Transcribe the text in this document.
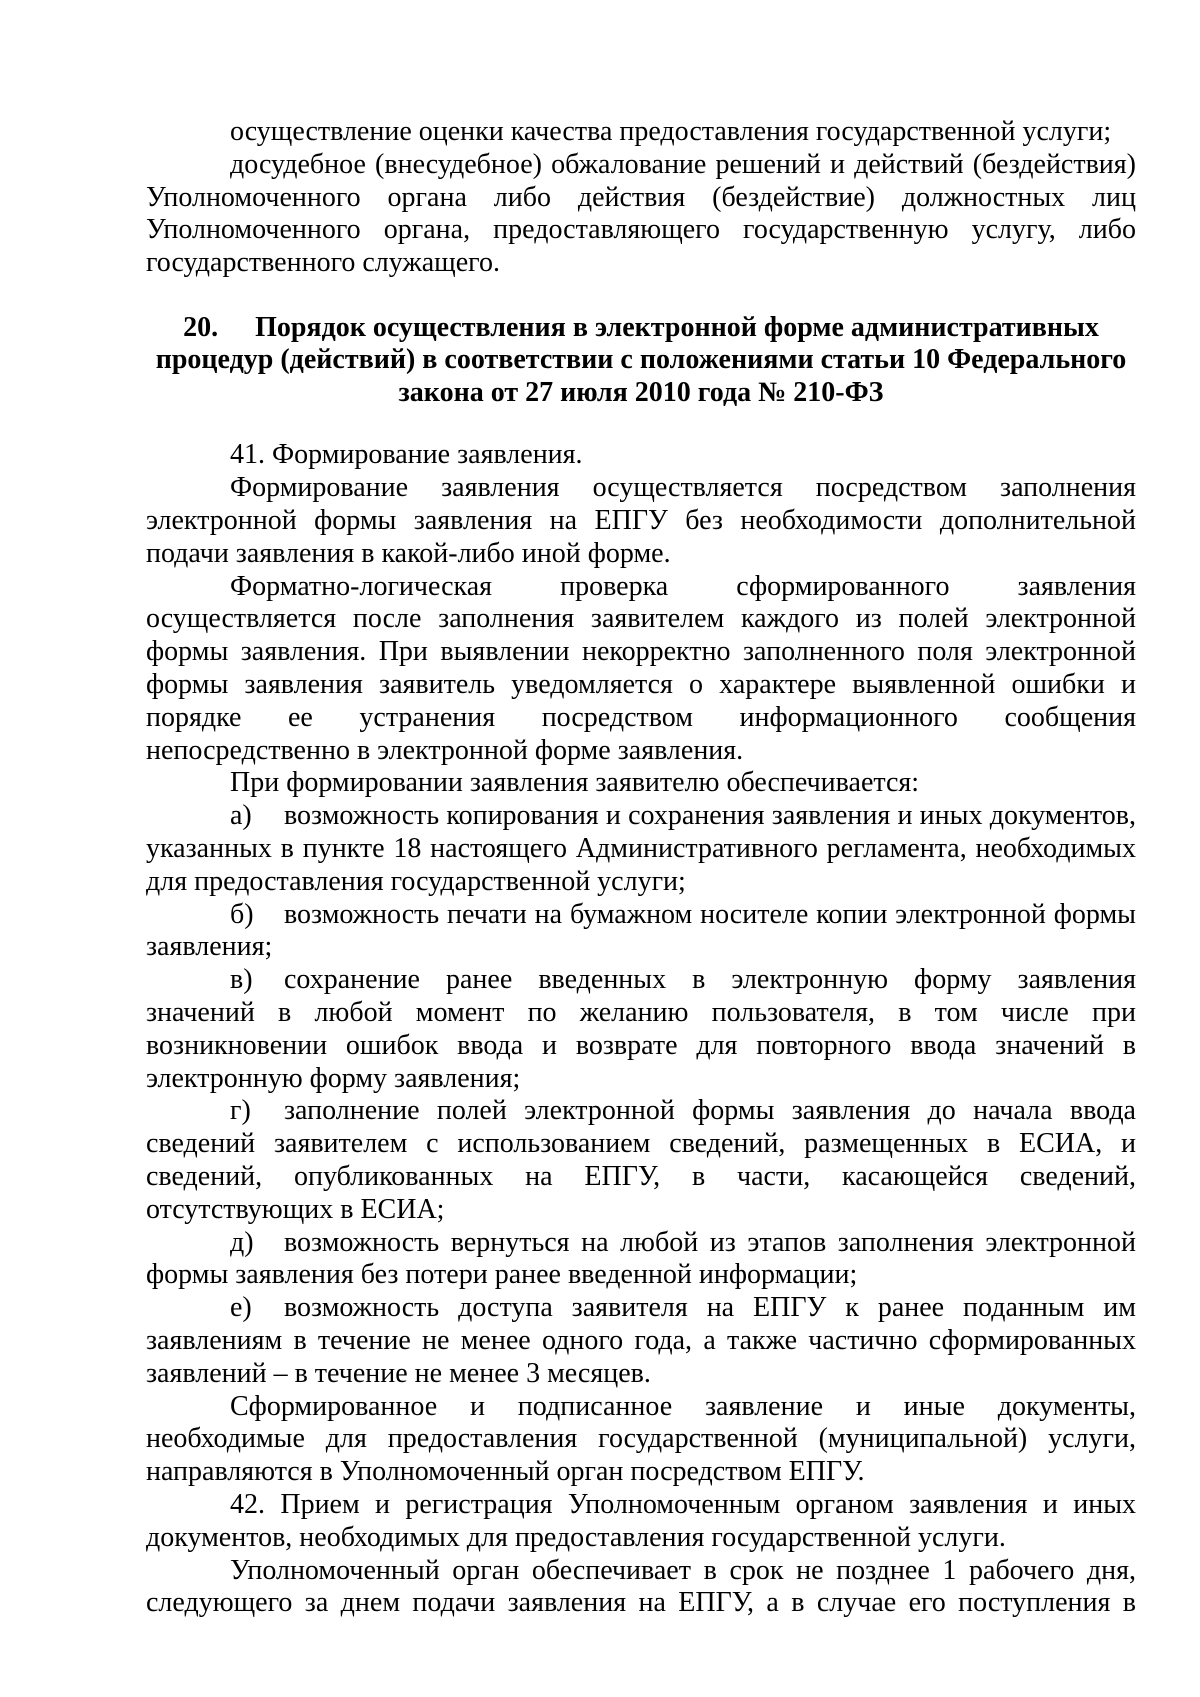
осуществление оценки качества предоставления государственной услуги;

досудебное (внесудебное) обжалование решений и действий (бездействия) Уполномоченного органа либо действия (бездействие) должностных лиц Уполномоченного органа, предоставляющего государственную услугу, либо государственного служащего.

20. Порядок осуществления в электронной форме административных процедур (действий) в соответствии с положениями статьи 10 Федерального закона от 27 июля 2010 года № 210-ФЗ

41. Формирование заявления.

Формирование заявления осуществляется посредством заполнения электронной формы заявления на ЕПГУ без необходимости дополнительной подачи заявления в какой-либо иной форме.

Форматно-логическая проверка сформированного заявления осуществляется после заполнения заявителем каждого из полей электронной формы заявления. При выявлении некорректно заполненного поля электронной формы заявления заявитель уведомляется о характере выявленной ошибки и порядке ее устранения посредством информационного сообщения непосредственно в электронной форме заявления.

При формировании заявления заявителю обеспечивается:

а) возможность копирования и сохранения заявления и иных документов, указанных в пункте 18 настоящего Административного регламента, необходимых для предоставления государственной услуги;

б) возможность печати на бумажном носителе копии электронной формы заявления;

в) сохранение ранее введенных в электронную форму заявления значений в любой момент по желанию пользователя, в том числе при возникновении ошибок ввода и возврате для повторного ввода значений в электронную форму заявления;

г) заполнение полей электронной формы заявления до начала ввода сведений заявителем с использованием сведений, размещенных в ЕСИА, и сведений, опубликованных на ЕПГУ, в части, касающейся сведений, отсутствующих в ЕСИА;

д) возможность вернуться на любой из этапов заполнения электронной формы заявления без потери ранее введенной информации;

е) возможность доступа заявителя на ЕПГУ к ранее поданным им заявлениям в течение не менее одного года, а также частично сформированных заявлений – в течение не менее 3 месяцев.

Сформированное и подписанное заявление и иные документы, необходимые для предоставления государственной (муниципальной) услуги, направляются в Уполномоченный орган посредством ЕПГУ.

42. Прием и регистрация Уполномоченным органом заявления и иных документов, необходимых для предоставления государственной услуги.

Уполномоченный орган обеспечивает в срок не позднее 1 рабочего дня, следующего за днем подачи заявления на ЕПГУ, а в случае его поступления в
